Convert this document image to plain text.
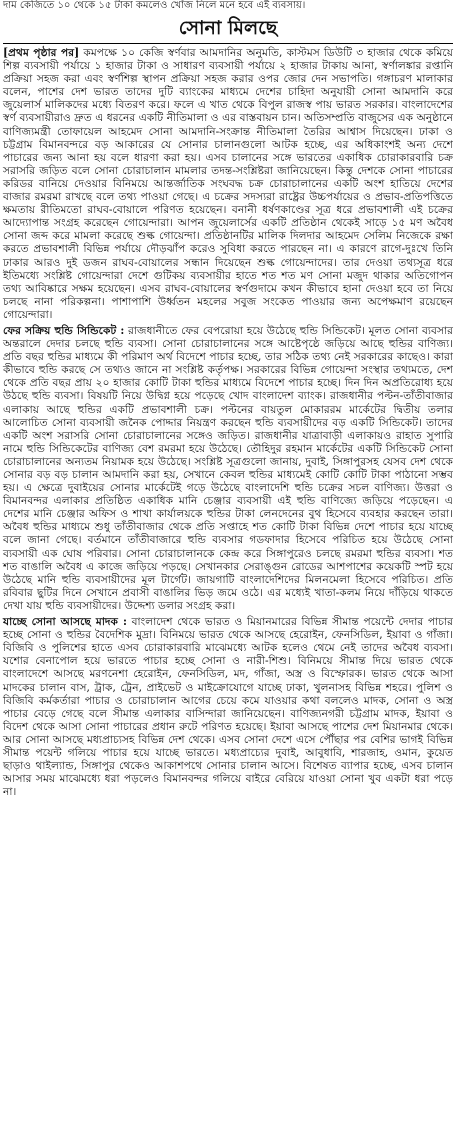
দাম কেজিতে ১০ থেকে ১৫ টাকা কমলেও খোঁজ নিলে মনে হবে এই ব্যবসায়।
সোনা মিলছে

[প্রথম পৃষ্ঠার পর] কমপক্ষে ১০ কেজি স্বর্ণবার আমদানির অনুমতি, কাস্টমস ডিউটি ৩ হাজার থেকে কমিয়ে শিল্প ব্যবসায়ী পর্যায়ে ১ হাজার টাকা ও সাধারণ ব্যবসায়ী পর্যায়ে ২ হাজার টাকায় আনা, স্বর্ণালঙ্কার রপ্তানি প্রক্রিয়া সহজ করা এবং স্বর্ণশিল্প স্থাপন প্রক্রিয়া সহজ করার ওপর জোর দেন সভাপতি। গঙ্গাচরণ মালাকার বলেন, পাশের দেশ ভারত তাদের দুটি ব্যাংকের মাধ্যমে দেশের চাহিদা অনুযায়ী সোনা আমদানি করে জুয়েলার্স মালিকদের মধ্যে বিতরণ করে। ফলে এ খাত থেকে বিপুল রাজস্ব পায় ভারত সরকার। বাংলাদেশের স্বর্ণ ব্যবসায়ীরাও দ্রুত এ ধরনের একটি নীতিমালা ও এর বাস্তবায়ন চান। অতিসম্প্রতি বাজুসের এক অনুষ্ঠানে বাণিজ্যমন্ত্রী তোফায়েল আহমেদ সোনা আমদানি-সংক্রান্ত নীতিমালা তৈরির আশ্বাস দিয়েছেন। ঢাকা ও চট্টগ্রাম বিমানবন্দরে বড় আকারের যে সোনার চালানগুলো আটক হচ্ছে, এর অধিকাংশই অন্য দেশে পাচারের জন্য আনা হয় বলে ধারণা করা হয়। এসব চালানের সঙ্গে ভারতের একাধিক চোরাকারবারি চক্র সরাসরি জড়িত বলে সোনা চোরাচালান মামলার তদন্ত-সংশ্লিষ্টরা জানিয়েছেন। কিন্তু দেশকে সোনা পাচারের করিডর বানিয়ে দেওয়ার বিনিময়ে আন্তর্জাতিক সংঘবদ্ধ চক্র চোরাচালানের একটি অংশ হাতিয়ে দেশের বাজার রমরমা রাখছে বলে তথ্য পাওয়া গেছে। এ চক্রের সদস্যরা রাষ্ট্রের উচ্চপর্যায়ের ও প্রভাব-প্রতিপত্তিতে ক্ষমতায় রীতিমতো রাঘব-বোয়ালে পরিণত হয়েছেন। বনানী ধর্ষণকাণ্ডের সূত্র ধরে প্রভাবশালী এই চক্রের আদ্যোপান্ত সংগ্রহ করেছেন গোয়েন্দারা। আপন জুয়েলার্সের একটি প্রতিষ্ঠান থেকেই সাড়ে ১৫ মণ অবৈধ সোনা জব্দ করে মামলা করেছে শুল্ক গোয়েন্দা। প্রতিষ্ঠানটির মালিক দিলদার আহমেদ সেলিম নিজেকে রক্ষা করতে প্রভাবশালী বিভিন্ন পর্যায়ে দৌড়ঝাঁপ করেও সুবিধা করতে পারছেন না। এ কারণে রাগে-দুঃখে তিনি ঢাকার আরও দুই ডজন রাঘব-বোয়ালের সন্ধান দিয়েছেন শুল্ক গোয়েন্দাদের। তার দেওয়া তথ্যসূত্র ধরে ইতিমধ্যে সংশ্লিষ্ট গোয়েন্দারা দেশে গুটিকয় ব্যবসায়ীর হাতে শত শত মণ সোনা মজুদ থাকার অতিগোপন তথ্য আবিষ্কারে সক্ষম হয়েছেন। এসব রাঘব-বোয়ালের স্বর্ণগুদামে কখন কীভাবে হানা দেওয়া হবে তা নিয়ে চলছে নানা পরিকল্পনা। পাশাপাশি উর্ধ্বতন মহলের সবুজ সংকেত পাওয়ার জন্য অপেক্ষমাণ রয়েছেন গোয়েন্দারা।

ফের সক্রিয় হুন্ডি সিন্ডিকেট : রাজধানীতে ফের বেপরোয়া হয়ে উঠেছে হুন্ডি সিন্ডিকেট। মূলত সোনা ব্যবসার অন্তরালে দেদার চলছে হুন্ডি ব্যবসা। সোনা চোরাচালানের সঙ্গে আষ্টেপৃষ্ঠে জড়িয়ে আছে হুন্ডির বাণিজ্য। প্রতি বছর হুন্ডির মাধ্যমে কী পরিমাণ অর্থ বিদেশে পাচার হচ্ছে, তার সঠিক তথ্য নেই সরকারের কাছেও। কারা কীভাবে হুন্ডি করছে সে তথ্যও জানে না সংশ্লিষ্ট কর্তৃপক্ষ। সরকারের বিভিন্ন গোয়েন্দা সংস্থার তথ্যমতে, দেশ থেকে প্রতি বছর প্রায় ২০ হাজার কোটি টাকা হুন্ডির মাধ্যমে বিদেশে পাচার হচ্ছে। দিন দিন অপ্রতিরোধ্য হয়ে উঠছে হুন্ডি ব্যবসা। বিষয়টি নিয়ে উদ্বিগ্ন হয়ে পড়েছে খোদ বাংলাদেশ ব্যাংক। রাজধানীর পল্টন-তাঁতীবাজার এলাকায় আছে হুন্ডির একটি প্রভাবশালী চক্র। পল্টনের বায়তুল মোকাররম মার্কেটের দ্বিতীয় তলার আলোচিত সোনা ব্যবসায়ী জনৈক পোদ্দার নিয়ন্ত্রণ করছেন হুন্ডি ব্যবসায়ীদের বড় একটি সিন্ডিকেট। তাদের একটি অংশ সরাসরি সোনা চোরাচালানের সঙ্গেও জড়িত। রাজধানীর যাত্রাবাড়ী এলাকায়ও রাহাত সুপারি নামে হুন্ডি সিন্ডিকেটের বাণিজ্য বেশ রমরমা হয়ে উঠেছে। তৌহিদুর রহমান মার্কেটের একটি সিন্ডিকেট সোনা চোরাচালানের অন্যতম নিয়ামক হয়ে উঠেছে। সংশ্লিষ্ট সূত্রগুলো জানায়, দুবাই, সিঙ্গাপুরসহ যেসব দেশ থেকে সোনার বড় বড় চালান আমদানি করা হয়, সেখানে কেবল হুন্ডির মাধ্যমেই কোটি কোটি টাকা পাঠানো সম্ভব হয়। এ ক্ষেত্রে দুবাইয়ের সোনার মার্কেটেই গড়ে উঠেছে বাংলাদেশি হুন্ডি চক্রের সচল বাণিজ্য। উত্তরা ও বিমানবন্দর এলাকার প্রতিষ্ঠিত একাধিক মানি চেঞ্জার ব্যবসায়ী এই হুন্ডি বাণিজ্যে জড়িয়ে পড়েছেন। এ দেশের মানি চেঞ্জার অফিস ও শাখা কার্যালয়কে হুন্ডির টাকা লেনদেনের বুথ হিসেবে ব্যবহার করছেন তারা। অবৈধ হুন্ডির মাধ্যমে শুধু তাঁতীবাজার থেকে প্রতি সপ্তাহে শত কোটি টাকা বিভিন্ন দেশে পাচার হয়ে যাচ্ছে বলে জানা গেছে। বর্তমানে তাঁতীবাজারে হুন্ডি ব্যবসার গডফাদার হিসেবে পরিচিত হয়ে উঠেছে সোনা ব্যবসায়ী এক ঘোষ পরিবার। সোনা চোরাচালানকে কেন্দ্র করে সিঙ্গাপুরেও চলছে রমরমা হুন্ডির ব্যবসা। শত শত বাঙালি অবৈধ এ কাজে জড়িয়ে পড়ছে। সেখানকার সেরাঙ্গুন রোডের আশপাশের কয়েকটি স্পট হয়ে উঠেছে মানি হুন্ডি ব্যবসায়ীদের মূল টার্গেট। জায়গাটি বাংলাদেশিদের মিলনমেলা হিসেবে পরিচিত। প্রতি রবিবার ছুটির দিনে সেখানে প্রবাসী বাঙালির ভিড় জমে ওঠে। এর মধ্যেই খাতা-কলম নিয়ে দাঁড়িয়ে থাকতে দেখা যায় হুন্ডি ব্যবসায়ীদের। উদ্দেশ্য ডলার সংগ্রহ করা।

যাচ্ছে সোনা আসছে মাদক : বাংলাদেশ থেকে ভারত ও মিয়ানমারের বিভিন্ন সীমান্ত পয়েন্টে দেদার পাচার হচ্ছে সোনা ও হুন্ডির বৈদেশিক মুদ্রা। বিনিময়ে ভারত থেকে আসছে হেরোইন, ফেনসিডিল, ইয়াবা ও গাঁজা। বিজিবি ও পুলিশের হাতে এসব চোরাকারবারি মাঝেমধ্যে আটক হলেও থেমে নেই তাদের অবৈধ ব্যবসা। যশোর বেনাপোল হয়ে ভারতে পাচার হচ্ছে সোনা ও নারী-শিশু। বিনিময়ে সীমান্ত দিয়ে ভারত থেকে বাংলাদেশে আসছে মরণনেশা হেরোইন, ফেনসিডিল, মদ, গাঁজা, অস্ত্র ও বিস্ফোরক। ভারত থেকে আসা মাদকের চালান বাস, ট্রাক, ট্রেন, প্রাইভেট ও মাইক্রোযোগে যাচ্ছে ঢাকা, খুলনাসহ বিভিন্ন শহরে। পুলিশ ও বিজিবি কর্মকর্তারা পাচার ও চোরাচালান আগের চেয়ে কমে যাওয়ার কথা বললেও মাদক, সোনা ও অস্ত্র পাচার বেড়ে গেছে বলে সীমান্ত এলাকার বাসিন্দারা জানিয়েছেন। বাণিজ্যনগরী চট্টগ্রাম মাদক, ইয়াবা ও বিদেশ থেকে আসা সোনা পাচারের প্রধান রুটে পরিণত হয়েছে। ইয়াবা আসছে পাশের দেশ মিয়ানমার থেকে। আর সোনা আসছে মধ্যপ্রাচ্যসহ বিভিন্ন দেশ থেকে। এসব সোনা দেশে এসে পৌঁছার পর বেশির ভাগই বিভিন্ন সীমান্ত পয়েন্ট গলিয়ে পাচার হয়ে যাচ্ছে ভারতে। মধ্যপ্রাচ্যের দুবাই, আবুধাবি, শারজাহ, ওমান, কুয়েত ছাড়াও থাইল্যান্ড, সিঙ্গাপুর থেকেও আকাশপথে সোনার চালান আসে। বিশেষত ব্যাপার হচ্ছে, এসব চালান আসার সময় মাঝেমধ্যে ধরা পড়লেও বিমানবন্দর গলিয়ে বাইরে বেরিয়ে যাওয়া সোনা খুব একটা ধরা পড়ে না।
